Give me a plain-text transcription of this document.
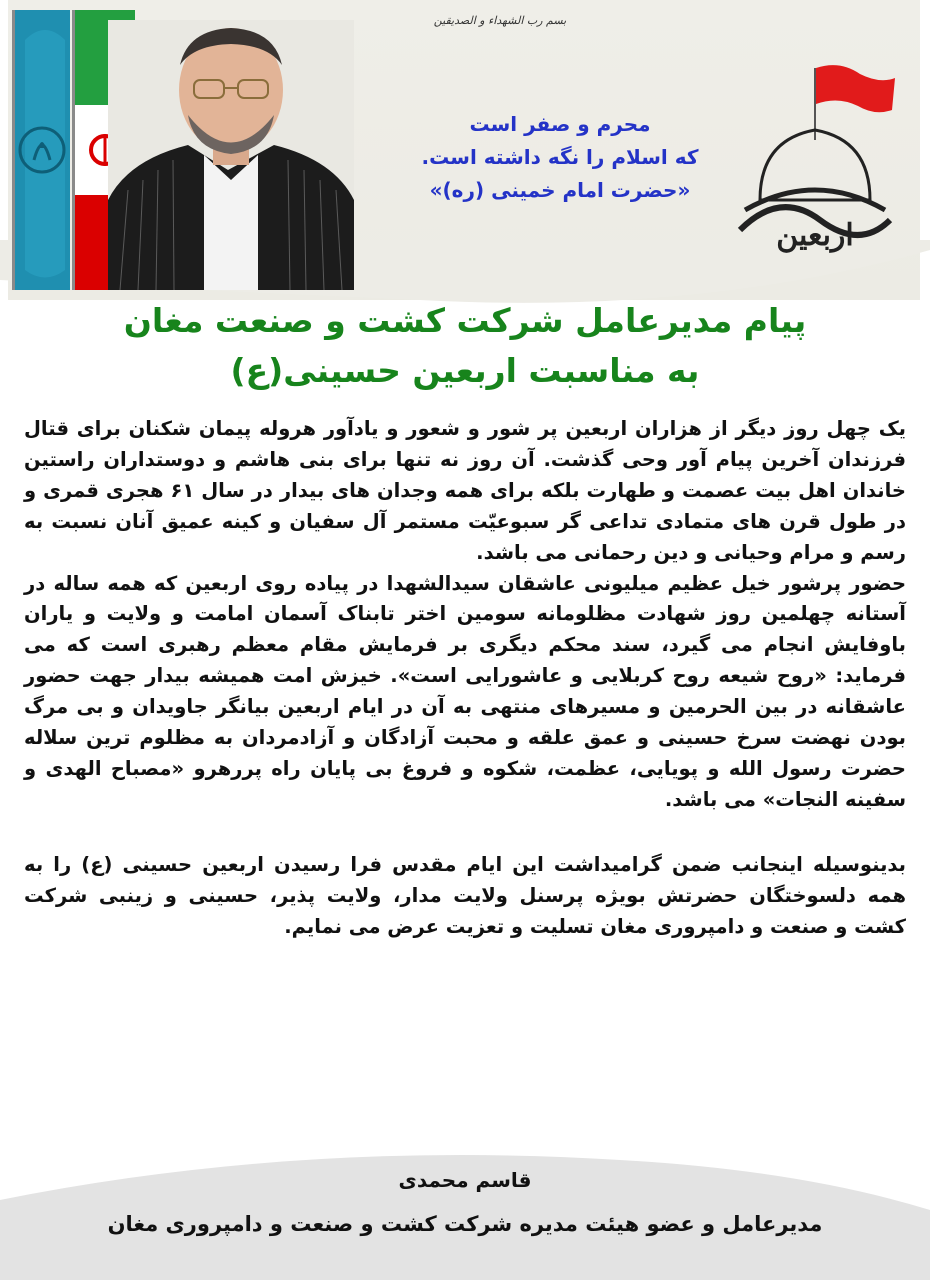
بسم رب الشهداء و الصدیقین
محرم و صفر است
که اسلام را نگه داشته است.
«حضرت امام خمینی (ره)»
اربعین
پیام مدیرعامل شرکت کشت و صنعت مغان
به مناسبت اربعین حسینی(ع)

یک چهل روز دیگر از هزاران اربعین پر شور و شعور و یادآور هروله پیمان شکنان برای قتال فرزندان آخرین پیام آور وحی گذشت. آن روز نه تنها برای بنی هاشم و دوستداران راستین خاندان اهل بیت عصمت و طهارت بلکه برای همه وجدان های بیدار در سال ۶۱ هجری قمری و در طول قرن های متمادی تداعی گر سبوعیّت مستمر آل سفیان و کینه عمیق آنان نسبت به رسم و مرام وحیانی و دین رحمانی می باشد.

حضور پرشور خیل عظیم میلیونی عاشقان سیدالشهدا در پیاده روی اربعین که همه ساله در آستانه چهلمین روز شهادت مظلومانه سومین اختر تابناک آسمان امامت و ولایت و یاران باوفایش انجام می گیرد، سند محکم دیگری بر فرمایش مقام معظم رهبری است که می فرماید: «روح شیعه روح کربلایی و عاشورایی است». خیزش امت همیشه بیدار جهت حضور عاشقانه در بین الحرمین و مسیرهای منتهی به آن در ایام اربعین بیانگر جاویدان و بی مرگ بودن نهضت سرخ حسینی و عمق علقه و محبت آزادگان و آزادمردان به مظلوم ترین سلاله حضرت رسول الله و پویایی، عظمت، شکوه و فروغ بی پایان راه پررهرو «مصباح الهدی و سفینه النجات» می باشد.

بدینوسیله اینجانب ضمن گرامیداشت این ایام مقدس فرا رسیدن اربعین حسینی (ع) را به همه دلسوختگان حضرتش بویژه پرسنل ولایت مدار، ولایت پذیر، حسینی و زینبی شرکت کشت و صنعت و دامپروری مغان تسلیت و تعزیت عرض می نمایم.

قاسم محمدی
مدیرعامل و عضو هیئت مدیره شرکت کشت و صنعت و دامپروری مغان
